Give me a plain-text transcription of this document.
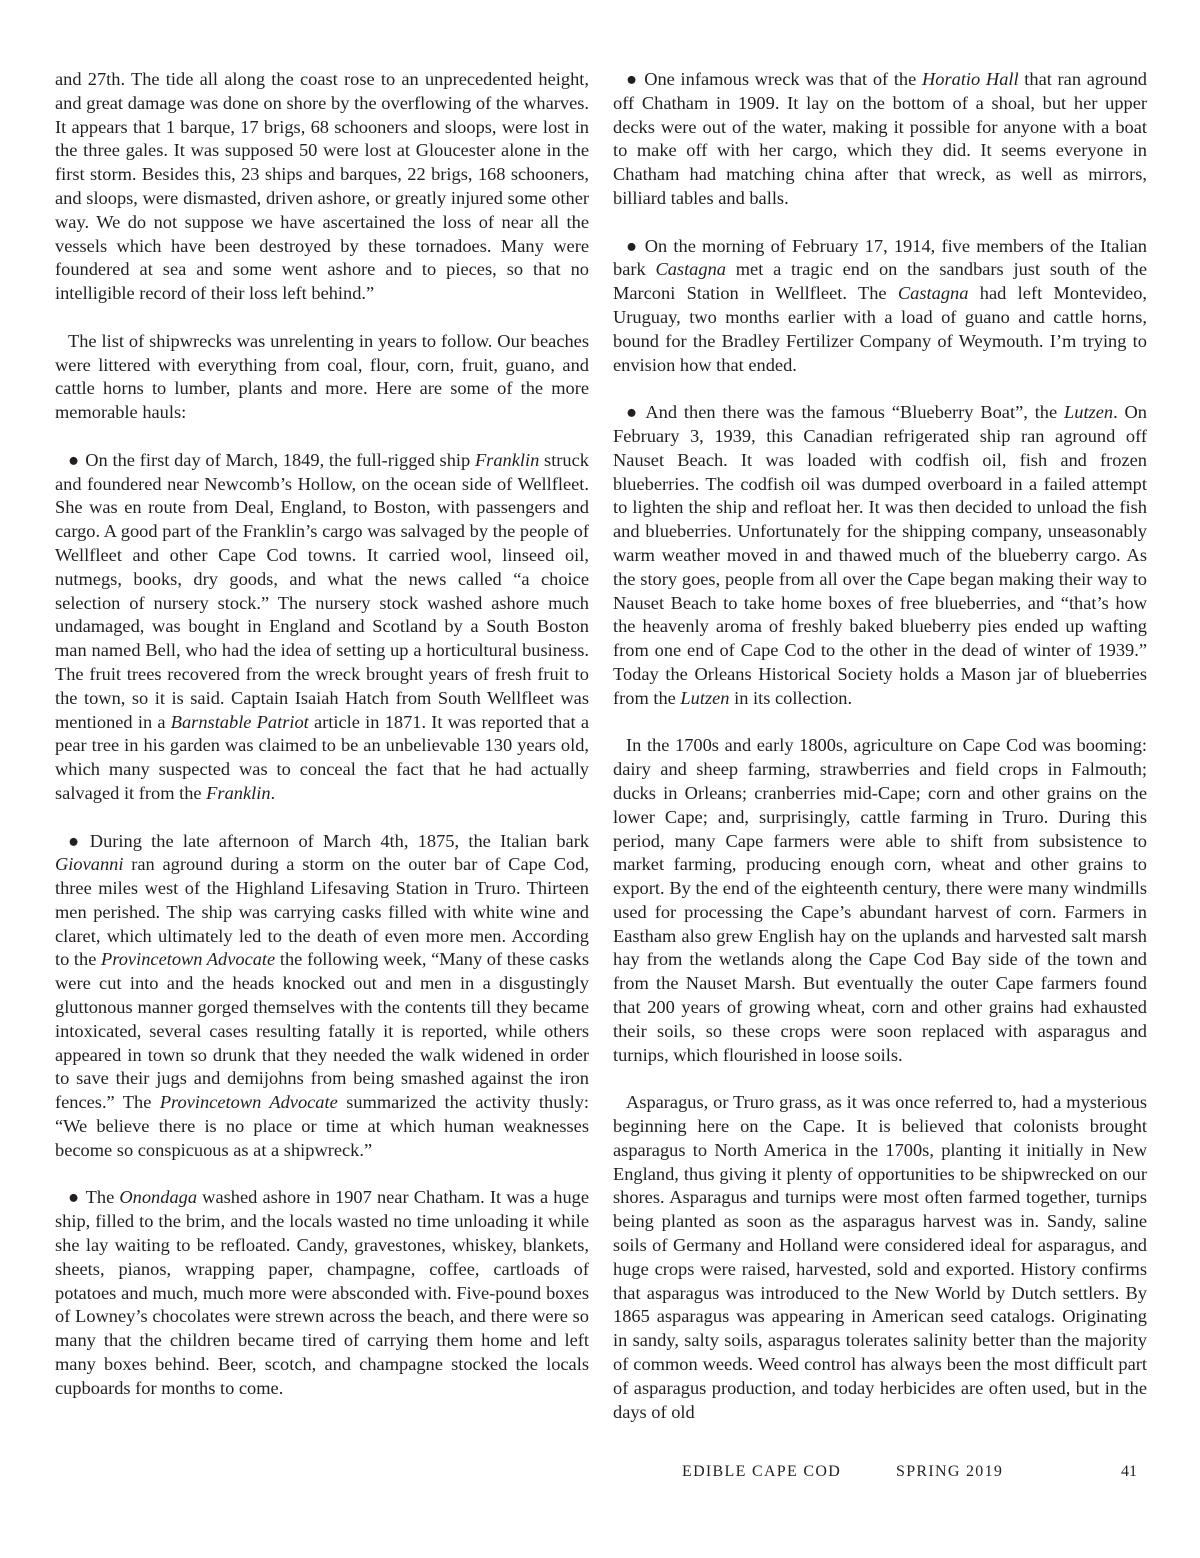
and 27th. The tide all along the coast rose to an unprecedented height, and great damage was done on shore by the overflowing of the wharves. It appears that 1 barque, 17 brigs, 68 schooners and sloops, were lost in the three gales. It was supposed 50 were lost at Gloucester alone in the first storm. Besides this, 23 ships and barques, 22 brigs, 168 schooners, and sloops, were dismasted, driven ashore, or greatly injured some other way. We do not suppose we have ascertained the loss of near all the vessels which have been destroyed by these tornadoes. Many were foundered at sea and some went ashore and to pieces, so that no intelligible record of their loss left behind.”

The list of shipwrecks was unrelenting in years to follow. Our beaches were littered with everything from coal, flour, corn, fruit, guano, and cattle horns to lumber, plants and more. Here are some of the more memorable hauls:

● On the first day of March, 1849, the full-rigged ship Franklin struck and foundered near Newcomb’s Hollow, on the ocean side of Wellfleet. She was en route from Deal, England, to Boston, with passengers and cargo. A good part of the Franklin’s cargo was salvaged by the people of Wellfleet and other Cape Cod towns. It carried wool, linseed oil, nutmegs, books, dry goods, and what the news called “a choice selection of nursery stock.” The nursery stock washed ashore much undamaged, was bought in England and Scotland by a South Boston man named Bell, who had the idea of setting up a horticultural business. The fruit trees recovered from the wreck brought years of fresh fruit to the town, so it is said. Captain Isaiah Hatch from South Wellfleet was mentioned in a Barnstable Patriot article in 1871. It was reported that a pear tree in his garden was claimed to be an unbelievable 130 years old, which many suspected was to conceal the fact that he had actually salvaged it from the Franklin.

● During the late afternoon of March 4th, 1875, the Italian bark Giovanni ran aground during a storm on the outer bar of Cape Cod, three miles west of the Highland Lifesaving Station in Truro. Thirteen men perished. The ship was carrying casks filled with white wine and claret, which ultimately led to the death of even more men. According to the Provincetown Advocate the following week, “Many of these casks were cut into and the heads knocked out and men in a disgustingly gluttonous manner gorged themselves with the contents till they became intoxicated, several cases resulting fatally it is reported, while others appeared in town so drunk that they needed the walk widened in order to save their jugs and demijohns from being smashed against the iron fences.” The Provincetown Advocate summarized the activity thusly: “We believe there is no place or time at which human weaknesses become so conspicuous as at a shipwreck.”

● The Onondaga washed ashore in 1907 near Chatham. It was a huge ship, filled to the brim, and the locals wasted no time unloading it while she lay waiting to be refloated. Candy, gravestones, whiskey, blankets, sheets, pianos, wrapping paper, champagne, coffee, cartloads of potatoes and much, much more were absconded with. Five-pound boxes of Lowney’s chocolates were strewn across the beach, and there were so many that the children became tired of carrying them home and left many boxes behind. Beer, scotch, and champagne stocked the locals cupboards for months to come.

● One infamous wreck was that of the Horatio Hall that ran aground off Chatham in 1909. It lay on the bottom of a shoal, but her upper decks were out of the water, making it possible for anyone with a boat to make off with her cargo, which they did. It seems everyone in Chatham had matching china after that wreck, as well as mirrors, billiard tables and balls.

● On the morning of February 17, 1914, five members of the Italian bark Castagna met a tragic end on the sandbars just south of the Marconi Station in Wellfleet. The Castagna had left Montevideo, Uruguay, two months earlier with a load of guano and cattle horns, bound for the Bradley Fertilizer Company of Weymouth. I’m trying to envision how that ended.

● And then there was the famous “Blueberry Boat”, the Lutzen. On February 3, 1939, this Canadian refrigerated ship ran aground off Nauset Beach. It was loaded with codfish oil, fish and frozen blueberries. The codfish oil was dumped overboard in a failed attempt to lighten the ship and refloat her. It was then decided to unload the fish and blueberries. Unfortunately for the shipping company, unseasonably warm weather moved in and thawed much of the blueberry cargo. As the story goes, people from all over the Cape began making their way to Nauset Beach to take home boxes of free blueberries, and “that’s how the heavenly aroma of freshly baked blueberry pies ended up wafting from one end of Cape Cod to the other in the dead of winter of 1939.” Today the Orleans Historical Society holds a Mason jar of blueberries from the Lutzen in its collection.

In the 1700s and early 1800s, agriculture on Cape Cod was booming: dairy and sheep farming, strawberries and field crops in Falmouth; ducks in Orleans; cranberries mid-Cape; corn and other grains on the lower Cape; and, surprisingly, cattle farming in Truro. During this period, many Cape farmers were able to shift from subsistence to market farming, producing enough corn, wheat and other grains to export. By the end of the eighteenth century, there were many windmills used for processing the Cape’s abundant harvest of corn. Farmers in Eastham also grew English hay on the uplands and harvested salt marsh hay from the wetlands along the Cape Cod Bay side of the town and from the Nauset Marsh. But eventually the outer Cape farmers found that 200 years of growing wheat, corn and other grains had exhausted their soils, so these crops were soon replaced with asparagus and turnips, which flourished in loose soils.

Asparagus, or Truro grass, as it was once referred to, had a mysterious beginning here on the Cape. It is believed that colonists brought asparagus to North America in the 1700s, planting it initially in New England, thus giving it plenty of opportunities to be shipwrecked on our shores. Asparagus and turnips were most often farmed together, turnips being planted as soon as the asparagus harvest was in. Sandy, saline soils of Germany and Holland were considered ideal for asparagus, and huge crops were raised, harvested, sold and exported. History confirms that asparagus was introduced to the New World by Dutch settlers. By 1865 asparagus was appearing in American seed catalogs. Originating in sandy, salty soils, asparagus tolerates salinity better than the majority of common weeds. Weed control has always been the most difficult part of asparagus production, and today herbicides are often used, but in the days of old

EDIBLE CAPE COD	SPRING 2019	41
